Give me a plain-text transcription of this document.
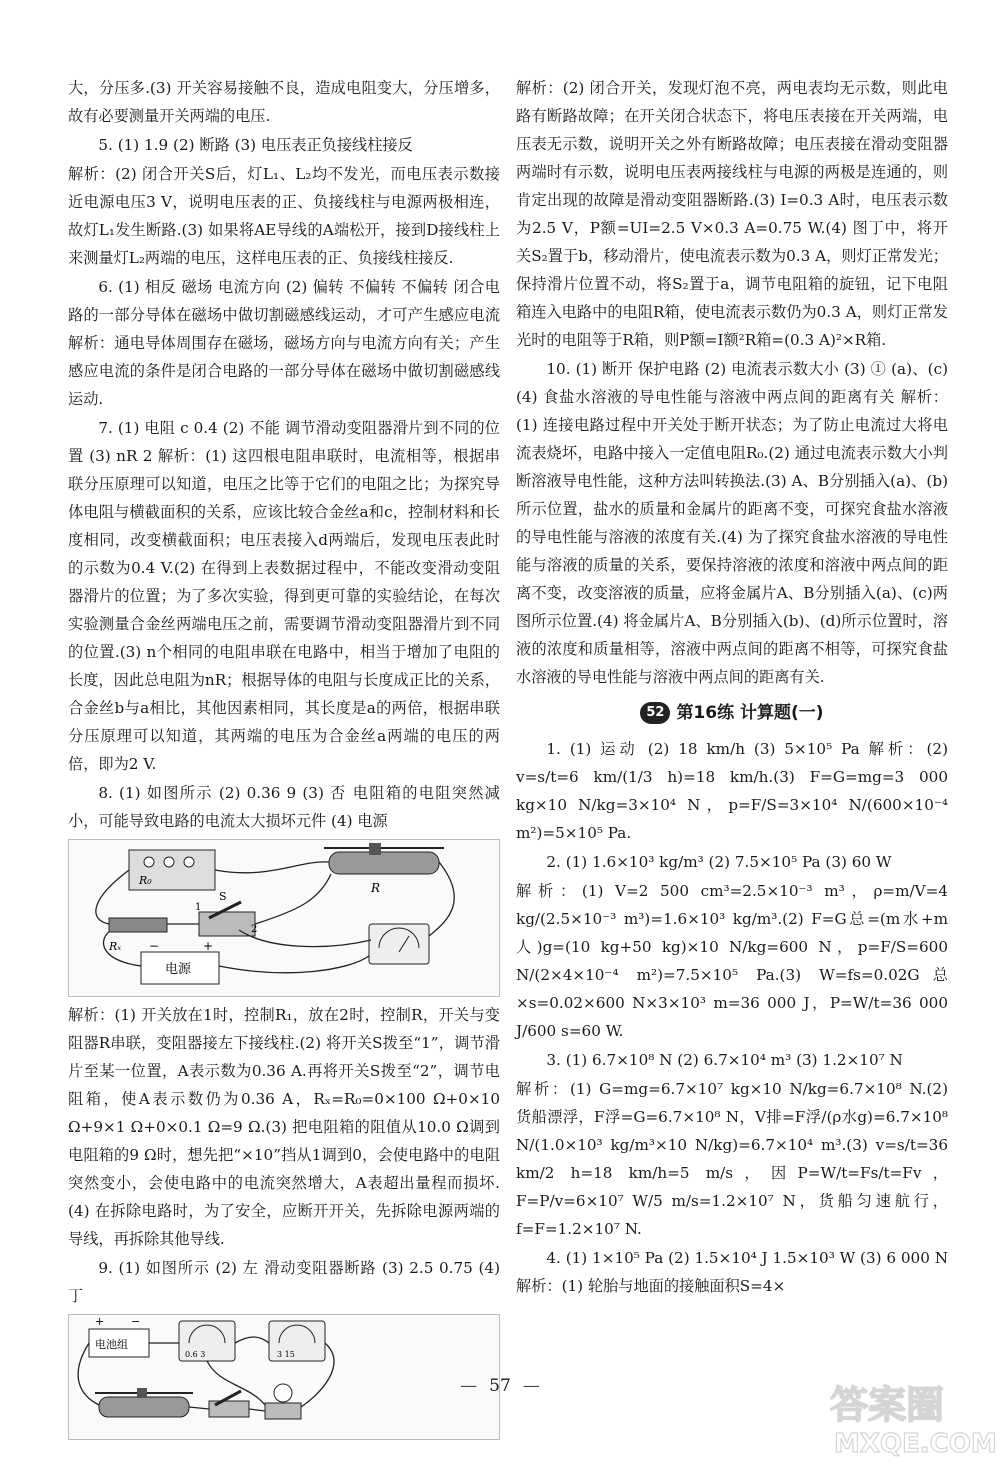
大，分压多.(3) 开关容易接触不良，造成电阻变大，分压增多，故有必要测量开关两端的电压.

5. (1) 1.9 (2) 断路 (3) 电压表正负接线柱接反

解析：(2) 闭合开关S后，灯L₁、L₂均不发光，而电压表示数接近电源电压3 V，说明电压表的正、负接线柱与电源两极相连，故灯L₁发生断路.(3) 如果将AE导线的A端松开，接到D接线柱上来测量灯L₂两端的电压，这样电压表的正、负接线柱接反.

6. (1) 相反 磁场 电流方向 (2) 偏转 不偏转 不偏转 闭合电路的一部分导体在磁场中做切割磁感线运动，才可产生感应电流 解析：通电导体周围存在磁场，磁场方向与电流方向有关；产生感应电流的条件是闭合电路的一部分导体在磁场中做切割磁感线运动.

7. (1) 电阻 c 0.4 (2) 不能 调节滑动变阻器滑片到不同的位置 (3) nR 2 解析：(1) 这四根电阻串联时，电流相等，根据串联分压原理可以知道，电压之比等于它们的电阻之比；为探究导体电阻与横截面积的关系，应该比较合金丝a和c，控制材料和长度相同，改变横截面积；电压表接入d两端后，发现电压表此时的示数为0.4 V.(2) 在得到上表数据过程中，不能改变滑动变阻器滑片的位置；为了多次实验，得到更可靠的实验结论，在每次实验测量合金丝两端电压之前，需要调节滑动变阻器滑片到不同的位置.(3) n个相同的电阻串联在电路中，相当于增加了电阻的长度，因此总电阻为nR；根据导体的电阻与长度成正比的关系，合金丝b与a相比，其他因素相同，其长度是a的两倍，根据串联分压原理可以知道，其两端的电压为合金丝a两端的电压的两倍，即为2 V.

8. (1) 如图所示 (2) 0.36 9 (3) 否 电阻箱的电阻突然减小，可能导致电路的电流太大损坏元件 (4) 电源

R₀
R
Rₓ
S
1
2
电源
−	+

解析：(1) 开关放在1时，控制R₁，放在2时，控制R，开关与变阻器R串联，变阻器接左下接线柱.(2) 将开关S拨至“1”，调节滑片至某一位置，A表示数为0.36 A.再将开关S拨至“2”，调节电阻箱，使A表示数仍为0.36 A，Rₓ=R₀=0×100 Ω+0×10 Ω+9×1 Ω+0×0.1 Ω=9 Ω.(3) 把电阻箱的阻值从10.0 Ω调到电阻箱的9 Ω时，想先把“×10”挡从1调到0，会使电路中的电阻突然变小，会使电路中的电流突然增大，A表超出量程而损坏.(4) 在拆除电路时，为了安全，应断开开关，先拆除电源两端的导线，再拆除其他导线.

9. (1) 如图所示 (2) 左 滑动变阻器断路 (3) 2.5 0.75 (4) 丁

电池组
+ −
0.6 3	3 15

解析：(2) 闭合开关，发现灯泡不亮，两电表均无示数，则此电路有断路故障；在开关闭合状态下，将电压表接在开关两端，电压表无示数，说明开关之外有断路故障；电压表接在滑动变阻器两端时有示数，说明电压表两接线柱与电源的两极是连通的，则肯定出现的故障是滑动变阻器断路.(3) I=0.3 A时，电压表示数为2.5 V，P额=UI=2.5 V×0.3 A=0.75 W.(4) 图丁中，将开关S₂置于b，移动滑片，使电流表示数为0.3 A，则灯正常发光；保持滑片位置不动，将S₂置于a，调节电阻箱的旋钮，记下电阻箱连入电路中的电阻R箱，使电流表示数仍为0.3 A，则灯正常发光时的电阻等于R箱，则P额=I额²R箱=(0.3 A)²×R箱.

10. (1) 断开 保护电路 (2) 电流表示数大小 (3) ① (a)、(c) (4) 食盐水溶液的导电性能与溶液中两点间的距离有关 解析：(1) 连接电路过程中开关处于断开状态；为了防止电流过大将电流表烧坏，电路中接入一定值电阻R₀.(2) 通过电流表示数大小判断溶液导电性能，这种方法叫转换法.(3) A、B分别插入(a)、(b)所示位置，盐水的质量和金属片的距离不变，可探究食盐水溶液的导电性能与溶液的浓度有关.(4) 为了探究食盐水溶液的导电性能与溶液的质量的关系，要保持溶液的浓度和溶液中两点间的距离不变，改变溶液的质量，应将金属片A、B分别插入(a)、(c)两图所示位置.(4) 将金属片A、B分别插入(b)、(d)所示位置时，溶液的浓度和质量相等，溶液中两点间的距离不相等，可探究食盐水溶液的导电性能与溶液中两点间的距离有关.

52 第16练 计算题(一)

1. (1) 运动 (2) 18 km/h (3) 5×10⁵ Pa 解析：(2) v=s/t=6 km/(1/3 h)=18 km/h.(3) F=G=mg=3 000 kg×10 N/kg=3×10⁴ N，p=F/S=3×10⁴ N/(600×10⁻⁴ m²)=5×10⁵ Pa.

2. (1) 1.6×10³ kg/m³ (2) 7.5×10⁵ Pa (3) 60 W

解析：(1) V=2 500 cm³=2.5×10⁻³ m³，ρ=m/V=4 kg/(2.5×10⁻³ m³)=1.6×10³ kg/m³.(2) F=G总=(m水+m人)g=(10 kg+50 kg)×10 N/kg=600 N，p=F/S=600 N/(2×4×10⁻⁴ m²)=7.5×10⁵ Pa.(3) W=fs=0.02G总×s=0.02×600 N×3×10³ m=36 000 J，P=W/t=36 000 J/600 s=60 W.

3. (1) 6.7×10⁸ N (2) 6.7×10⁴ m³ (3) 1.2×10⁷ N

解析：(1) G=mg=6.7×10⁷ kg×10 N/kg=6.7×10⁸ N.(2) 货船漂浮，F浮=G=6.7×10⁸ N，V排=F浮/(ρ水g)=6.7×10⁸ N/(1.0×10³ kg/m³×10 N/kg)=6.7×10⁴ m³.(3) v=s/t=36 km/2 h=18 km/h=5 m/s，因P=W/t=Fs/t=Fv，F=P/v=6×10⁷ W/5 m/s=1.2×10⁷ N，货船匀速航行，f=F=1.2×10⁷ N.

4. (1) 1×10⁵ Pa (2) 1.5×10⁴ J 1.5×10³ W (3) 6 000 N 解析：(1) 轮胎与地面的接触面积S=4×

— 57 —	答案圈
MXQE.COM
